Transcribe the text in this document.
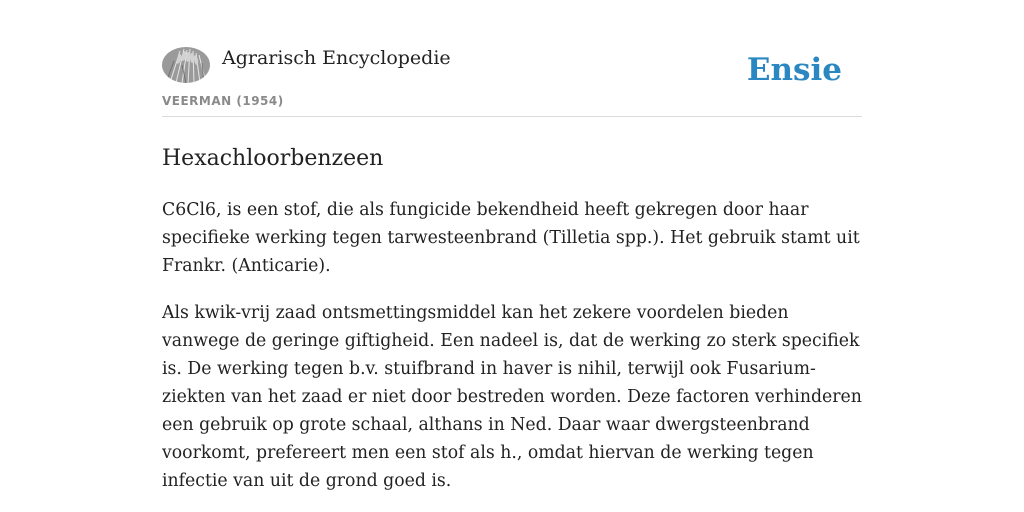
Agrarisch Encyclopedie
VEERMAN (1954)
Ensie
Hexachloorbenzeen

C6Cl6, is een stof, die als fungicide bekendheid heeft gekregen door haar specifieke werking tegen tarwesteenbrand (Tilletia spp.). Het gebruik stamt uit Frankr. (Anticarie).

Als kwik-vrij zaad ontsmettingsmiddel kan het zekere voordelen bieden vanwege de geringe giftigheid. Een nadeel is, dat de werking zo sterk specifiek is. De werking tegen b.v. stuifbrand in haver is nihil, terwijl ook Fusarium-ziekten van het zaad er niet door bestreden worden. Deze factoren verhinderen een gebruik op grote schaal, althans in Ned. Daar waar dwergsteenbrand voorkomt, prefereert men een stof als h., omdat hiervan de werking tegen infectie van uit de grond goed is.
